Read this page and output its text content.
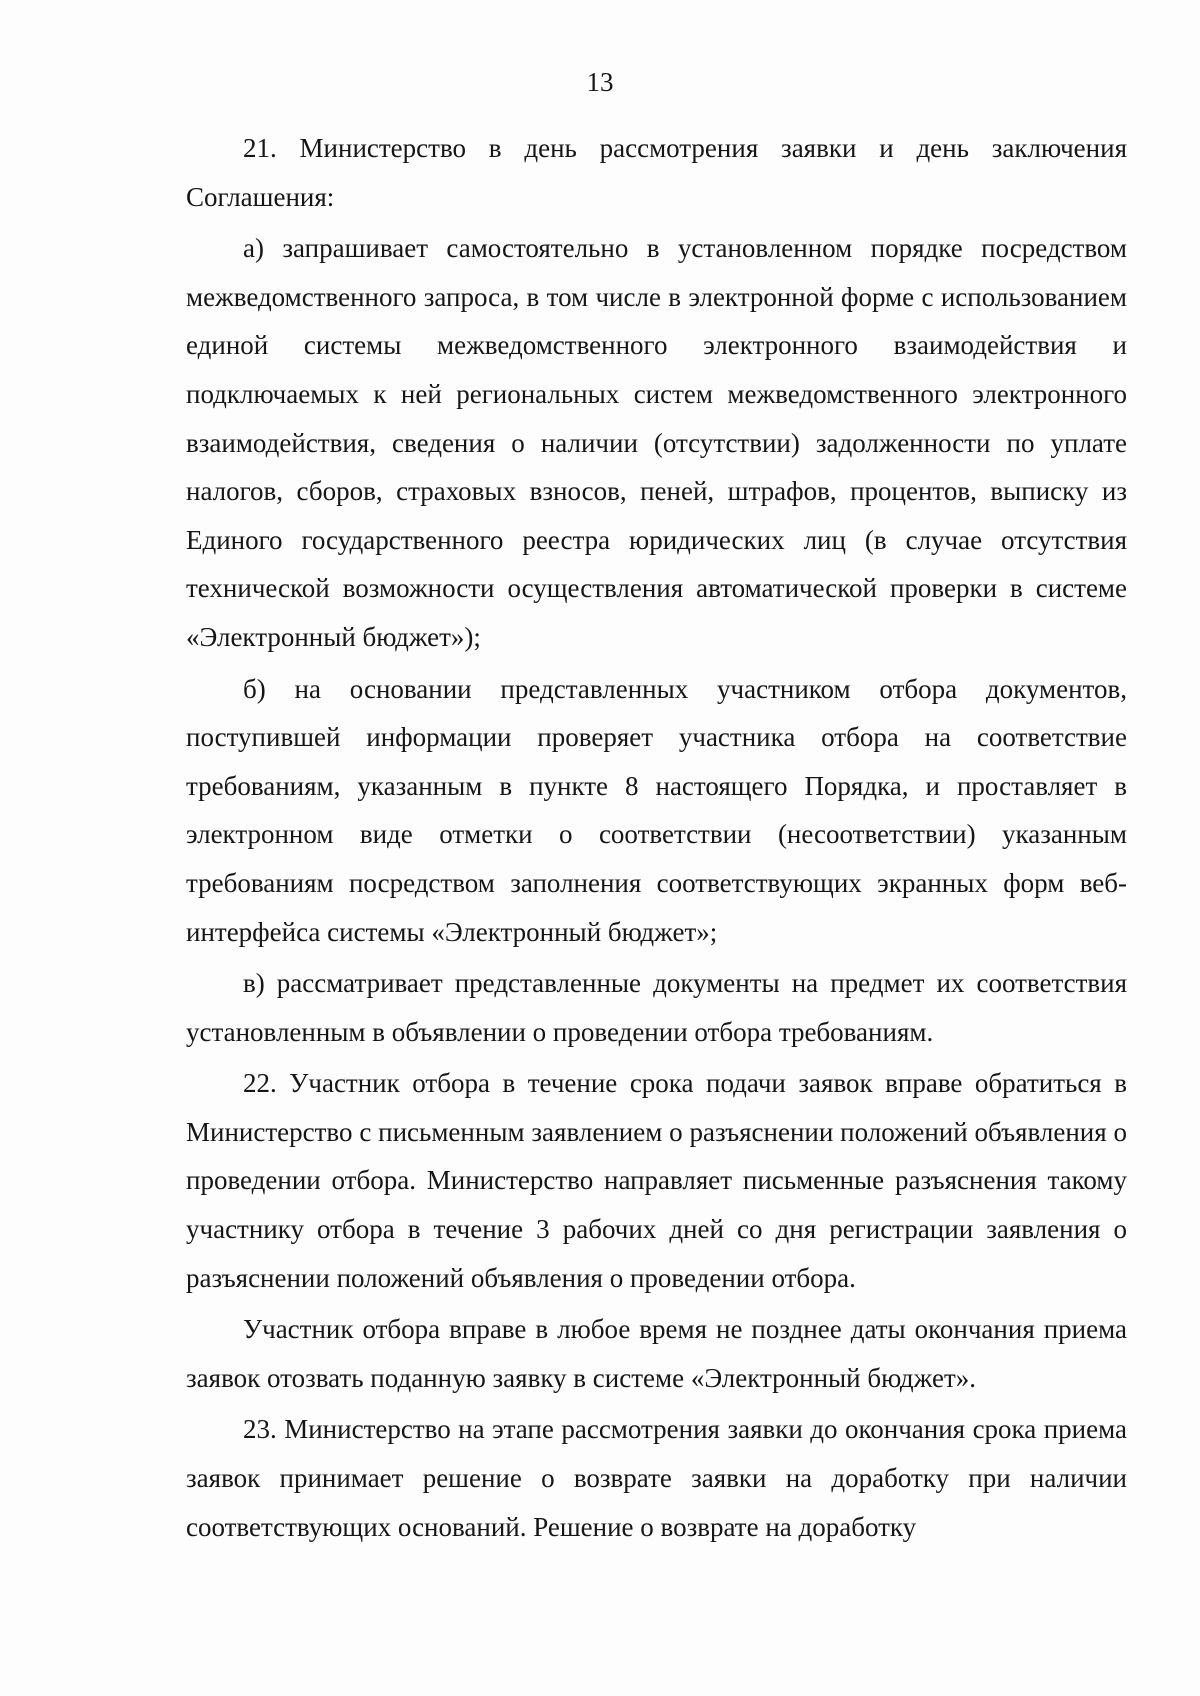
13

21. Министерство в день рассмотрения заявки и день заключения Соглашения:

а) запрашивает самостоятельно в установленном порядке посредством межведомственного запроса, в том числе в электронной форме с использованием единой системы межведомственного электронного взаимодействия и подключаемых к ней региональных систем межведомственного электронного взаимодействия, сведения о наличии (отсутствии) задолженности по уплате налогов, сборов, страховых взносов, пеней, штрафов, процентов, выписку из Единого государственного реестра юридических лиц (в случае отсутствия технической возможности осуществления автоматической проверки в системе «Электронный бюджет»);

б) на основании представленных участником отбора документов, поступившей информации проверяет участника отбора на соответствие требованиям, указанным в пункте 8 настоящего Порядка, и проставляет в электронном виде отметки о соответствии (несоответствии) указанным требованиям посредством заполнения соответствующих экранных форм веб-интерфейса системы «Электронный бюджет»;

в) рассматривает представленные документы на предмет их соответствия установленным в объявлении о проведении отбора требованиям.

22. Участник отбора в течение срока подачи заявок вправе обратиться в Министерство с письменным заявлением о разъяснении положений объявления о проведении отбора. Министерство направляет письменные разъяснения такому участнику отбора в течение 3 рабочих дней со дня регистрации заявления о разъяснении положений объявления о проведении отбора.

Участник отбора вправе в любое время не позднее даты окончания приема заявок отозвать поданную заявку в системе «Электронный бюджет».

23. Министерство на этапе рассмотрения заявки до окончания срока приема заявок принимает решение о возврате заявки на доработку при наличии соответствующих оснований. Решение о возврате на доработку
